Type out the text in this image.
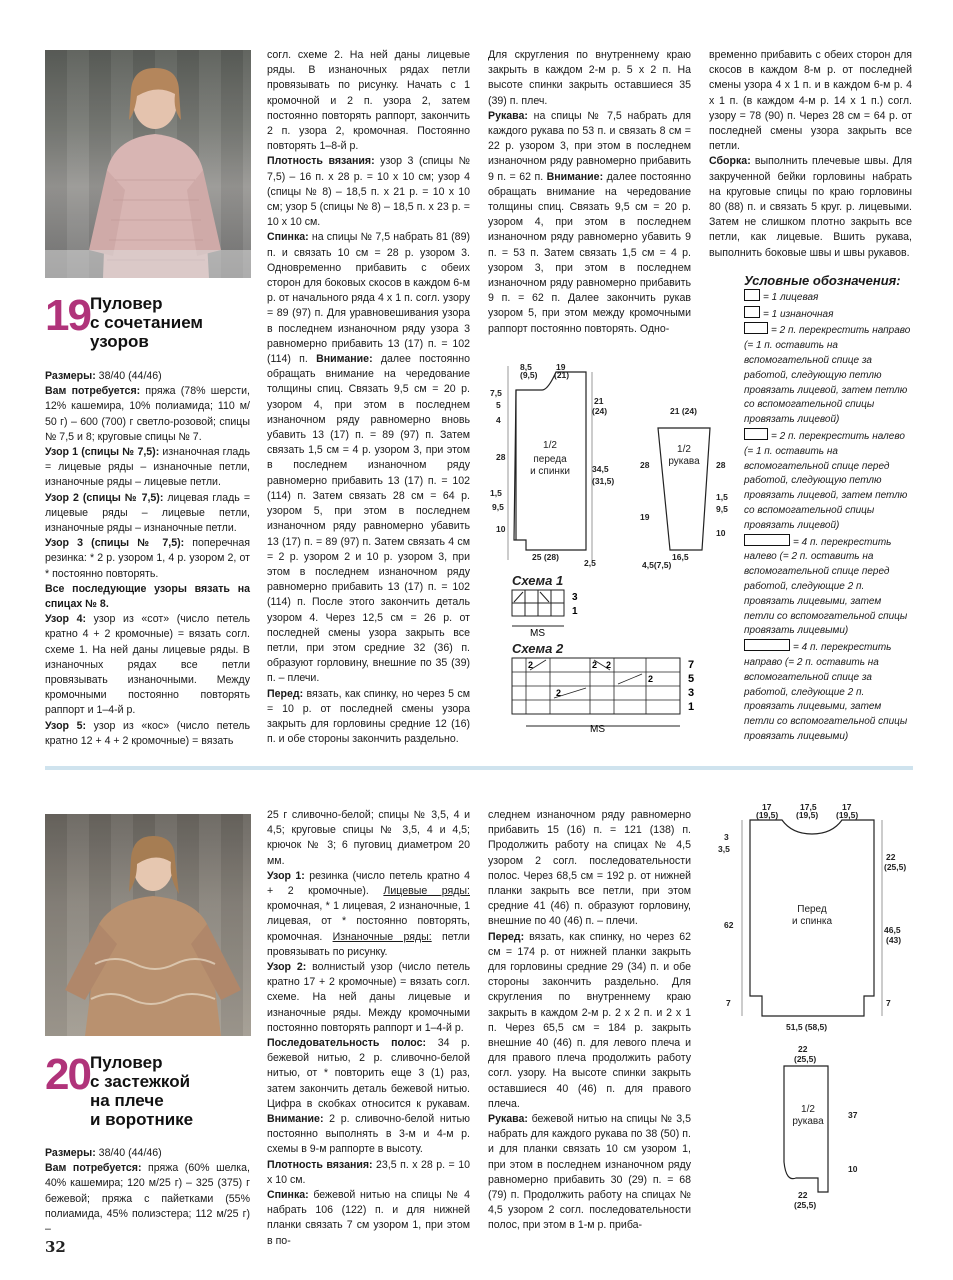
19 Пуловер
с сочетанием
узоров

Размеры: 38/40 (44/46)

Вам потребуется: пряжа (78% шерсти, 12% кашемира, 10% полиамида; 110 м/ 50 г) – 600 (700) г светло-розовой; спицы № 7,5 и 8; круговые спицы № 7.

Узор 1 (спицы № 7,5): изнаночная гладь = лицевые ряды – изнаночные петли, изнаночные ряды – лицевые петли.

Узор 2 (спицы № 7,5): лицевая гладь = лицевые ряды – лицевые петли, изнаночные ряды – изнаночные петли.

Узор 3 (спицы № 7,5): поперечная резинка: * 2 р. узором 1, 4 р. узором 2, от * постоянно повторять.

Все последующие узоры вязать на спицах № 8.

Узор 4: узор из «сот» (число петель кратно 4 + 2 кромочные) = вязать согл. схеме 1. На ней даны лицевые ряды. В изнаночных рядах все петли провязывать изнаночными. Между кромочными постоянно повторять раппорт и 1–4-й р.

Узор 5: узор из «кос» (число петель кратно 12 + 4 + 2 кромочные) = вязать

согл. схеме 2. На ней даны лицевые ряды. В изнаночных рядах петли провязывать по рисунку. Начать с 1 кромочной и 2 п. узора 2, затем постоянно повторять раппорт, закончить 2 п. узора 2, кромочная. Постоянно повторять 1–8-й р.

Плотность вязания: узор 3 (спицы № 7,5) – 16 п. х 28 р. = 10 х 10 см; узор 4 (спицы № 8) – 18,5 п. х 21 р. = 10 х 10 см; узор 5 (спицы № 8) – 18,5 п. х 23 р. = 10 х 10 см.

Спинка: на спицы № 7,5 набрать 81 (89) п. и связать 10 см = 28 р. узором 3. Одновременно прибавить с обеих сторон для боковых скосов в каждом 6-м р. от начального ряда 4 х 1 п. согл. узору = 89 (97) п. Для уравновешивания узора в последнем изнаночном ряду узора 3 равномерно прибавить 13 (17) п. = 102 (114) п. Внимание: далее постоянно обращать внимание на чередование толщины спиц. Связать 9,5 см = 20 р. узором 4, при этом в последнем изнаночном ряду равномерно вновь убавить 13 (17) п. = 89 (97) п. Затем связать 1,5 см = 4 р. узором 3, при этом в последнем изнаночном ряду равномерно прибавить 13 (17) п. = 102 (114) п. Затем связать 28 см = 64 р. узором 5, при этом в последнем изнаночном ряду равномерно убавить 13 (17) п. = 89 (97) п. Затем связать 4 см = 2 р. узором 2 и 10 р. узором 3, при этом в последнем изнаночном ряду равномерно прибавить 13 (17) п. = 102 (114) п. После этого закончить деталь узором 4. Через 12,5 см = 26 р. от последней смены узора закрыть все петли, при этом средние 32 (36) п. образуют горловину, внешние по 35 (39) п. – плечи.

Перед: вязать, как спинку, но через 5 см = 10 р. от последней смены узора закрыть для горловины средние 12 (16) п. и обе стороны закончить раздельно.

Для скругления по внутреннему краю закрыть в каждом 2-м р. 5 х 2 п. На высоте спинки закрыть оставшиеся 35 (39) п. плеч.

Рукава: на спицы № 7,5 набрать для каждого рукава по 53 п. и связать 8 см = 22 р. узором 3, при этом в последнем изнаночном ряду равномерно прибавить 9 п. = 62 п. Внимание: далее постоянно обращать внимание на чередование толщины спиц. Связать 9,5 см = 20 р. узором 4, при этом в последнем изнаночном ряду равномерно убавить 9 п. = 53 п. Затем связать 1,5 см = 4 р. узором 3, при этом в последнем изнаночном ряду равномерно прибавить 9 п. = 62 п. Далее закончить рукав узором 5, при этом между кромочными раппорт постоянно повторять. Одно-

временно прибавить с обеих сторон для скосов в каждом 8-м р. от последней смены узора 4 х 1 п. и в каждом 6-м р. 4 х 1 п. (в каждом 4-м р. 14 х 1 п.) согл. узору = 78 (90) п. Через 28 см = 64 р. от последней смены узора закрыть все петли.

Сборка: выполнить плечевые швы. Для закрученной бейки горловины набрать на круговые спицы по краю горловины 80 (88) п. и связать 5 круг. р. лицевыми. Затем не слишком плотно закрыть все петли, как лицевые. Вшить рукава, выполнить боковые швы и швы рукавов.

8,5
(9,5)
19
(21)
7,5
5
4
28
1,5
9,5
10
21
(24)
34,5
(31,5)
25 (28)
2,5
1/2
переда
и спинки
21 (24)
28	28
1,5
19
9,5
10
16,5
4,5(7,5)
1/2
рукава
Схема 1
3
1
MS
Схема 2
2	2 2
2
2
7
5
3
1
MS
Условные обозначения:
= 1 лицевая
= 1 изнаночная
= 2 п. перекрестить направо (= 1 п. оставить на вспомогательной спице за работой, следующую петлю провязать лицевой, затем петлю со вспомогательной спицы провязать лицевой)
= 2 п. перекрестить налево (= 1 п. оставить на вспомогательной спице перед работой, следующую петлю провязать лицевой, затем петлю со вспомогательной спицы провязать лицевой)
= 4 п. перекрестить налево (= 2 п. оставить на вспомогательной спице перед работой, следующие 2 п. провязать лицевыми, затем петли со вспомогательной спицы провязать лицевыми)
= 4 п. перекрестить направо (= 2 п. оставить на вспомогательной спице за работой, следующие 2 п. провязать лицевыми, затем петли со вспомогательной спицы провязать лицевыми)
20 Пуловер
с застежкой
на плече
и воротнике

Размеры: 38/40 (44/46)

Вам потребуется: пряжа (60% шелка, 40% кашемира; 120 м/25 г) – 325 (375) г бежевой; пряжа с пайетками (55% полиамида, 45% полиэстера; 112 м/25 г) –

25 г сливочно-белой; спицы № 3,5, 4 и 4,5; круговые спицы № 3,5, 4 и 4,5; крючок № 3; 6 пуговиц диаметром 20 мм.

Узор 1: резинка (число петель кратно 4 + 2 кромочные). Лицевые ряды: кромочная, * 1 лицевая, 2 изнаночные, 1 лицевая, от * постоянно повторять, кромочная. Изнаночные ряды: петли провязывать по рисунку.

Узор 2: волнистый узор (число петель кратно 17 + 2 кромочные) = вязать согл. схеме. На ней даны лицевые и изнаночные ряды. Между кромочными постоянно повторять раппорт и 1–4-й р.

Последовательность полос: 34 р. бежевой нитью, 2 р. сливочно-белой нитью, от * повторить еще 3 (1) раз, затем закончить деталь бежевой нитью. Цифра в скобках относится к рукавам. Внимание: 2 р. сливочно-белой нитью постоянно выполнять в 3-м и 4-м р. схемы в 9-м раппорте в высоту.

Плотность вязания: 23,5 п. х 28 р. = 10 х 10 см.

Спинка: бежевой нитью на спицы № 4 набрать 106 (122) п. и для нижней планки связать 7 см узором 1, при этом в по-

следнем изнаночном ряду равномерно прибавить 15 (16) п. = 121 (138) п. Продолжить работу на спицах № 4,5 узором 2 согл. последовательности полос. Через 68,5 см = 192 р. от нижней планки закрыть все петли, при этом средние 41 (46) п. образуют горловину, внешние по 40 (46) п. – плечи.

Перед: вязать, как спинку, но через 62 см = 174 р. от нижней планки закрыть для горловины средние 29 (34) п. и обе стороны закончить раздельно. Для скругления по внутреннему краю закрыть в каждом 2-м р. 2 х 2 п. и 2 х 1 п. Через 65,5 см = 184 р. закрыть внешние 40 (46) п. для левого плеча и для правого плеча продолжить работу согл. узору. На высоте спинки закрыть оставшиеся 40 (46) п. для правого плеча.

Рукава: бежевой нитью на спицы № 3,5 набрать для каждого рукава по 38 (50) п. и для планки связать 10 см узором 1, при этом в последнем изнаночном ряду равномерно прибавить 30 (29) п. = 68 (79) п. Продолжить работу на спицах № 4,5 узором 2 согл. последовательности полос, при этом в 1-м р. приба-

17
(19,5)
17,5
(19,5)
17
(19,5)
3
3,5
22
(25,5)
62	46,5
(43)
7	7
51,5 (58,5)
Перед
и спинка
22
(25,5)
37
10
22
(25,5)
1/2
рукава
32
